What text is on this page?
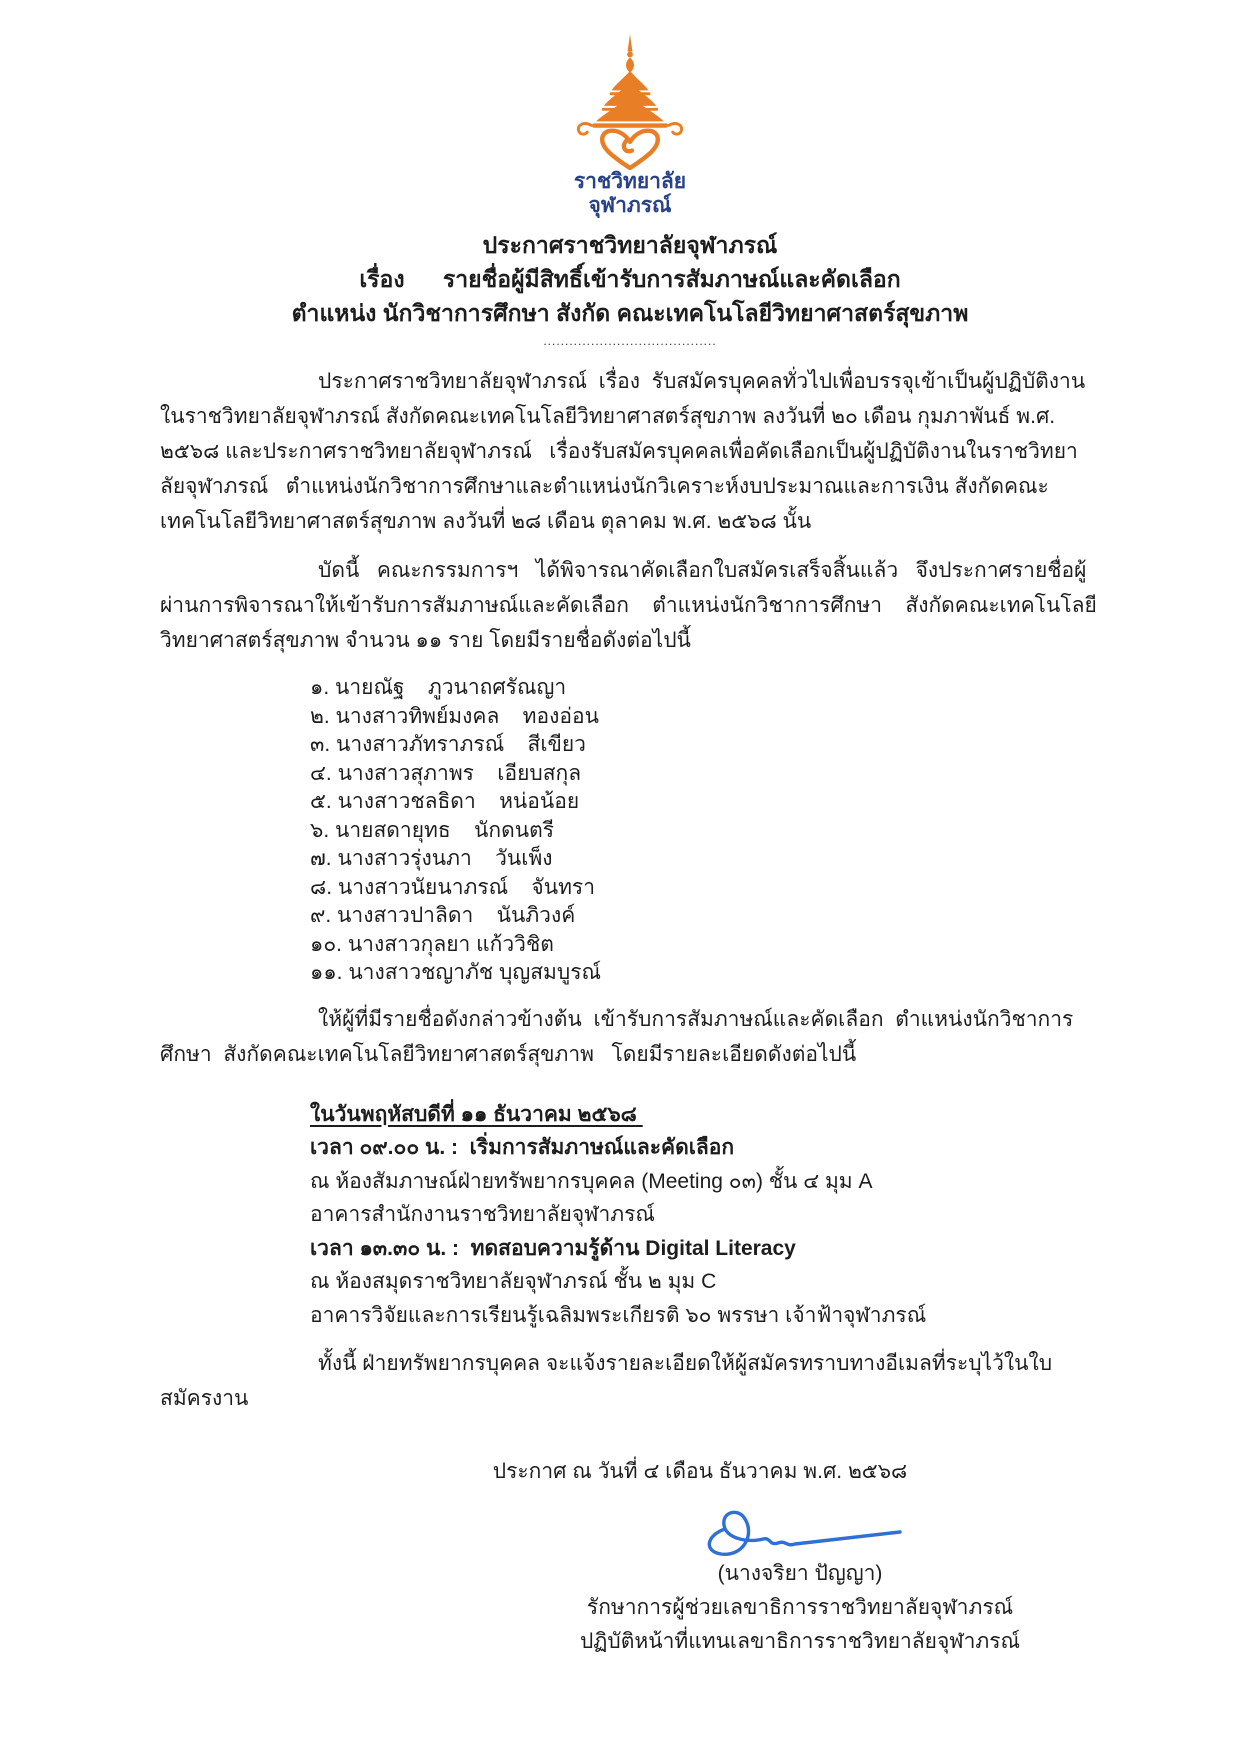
ราชวิทยาลัย
จุฬาภรณ์
ประกาศราชวิทยาลัยจุฬาภรณ์
เรื่อง      รายชื่อผู้มีสิทธิ์เข้ารับการสัมภาษณ์และคัดเลือก
ตำแหน่ง นักวิชาการศึกษา สังกัด คณะเทคโนโลยีวิทยาศาสตร์สุขภาพ
........................................

ประกาศราชวิทยาลัยจุฬาภรณ์  เรื่อง  รับสมัครบุคคลทั่วไปเพื่อบรรจุเข้าเป็นผู้ปฏิบัติงานในราชวิทยาลัยจุฬาภรณ์ สังกัดคณะเทคโนโลยีวิทยาศาสตร์สุขภาพ ลงวันที่ ๒๐ เดือน กุมภาพันธ์ พ.ศ. ๒๕๖๘ และประกาศราชวิทยาลัยจุฬาภรณ์   เรื่องรับสมัครบุคคลเพื่อคัดเลือกเป็นผู้ปฏิบัติงานในราชวิทยาลัยจุฬาภรณ์   ตำแหน่งนักวิชาการศึกษาและตำแหน่งนักวิเคราะห์งบประมาณและการเงิน สังกัดคณะเทคโนโลยีวิทยาศาสตร์สุขภาพ ลงวันที่ ๒๘ เดือน ตุลาคม พ.ศ. ๒๕๖๘ นั้น

บัดนี้   คณะกรรมการฯ   ได้พิจารณาคัดเลือกใบสมัครเสร็จสิ้นแล้ว   จึงประกาศรายชื่อผู้ผ่านการพิจารณาให้เข้ารับการสัมภาษณ์และคัดเลือก    ตำแหน่งนักวิชาการศึกษา    สังกัดคณะเทคโนโลยีวิทยาศาสตร์สุขภาพ จำนวน ๑๑ ราย โดยมีรายชื่อดังต่อไปนี้

๑. นายณัฐ    ภูวนาถศรัณญา
๒. นางสาวทิพย์มงคล    ทองอ่อน
๓. นางสาวภัทราภรณ์    สีเขียว
๔. นางสาวสุภาพร    เอียบสกุล
๕. นางสาวชลธิดา    หน่อน้อย
๖. นายสดายุทธ    นักดนตรี
๗. นางสาวรุ่งนภา    วันเพ็ง
๘. นางสาวนัยนาภรณ์    จันทรา
๙. นางสาวปาลิดา    นันภิวงค์
๑๐. นางสาวกุลยา แก้ววิชิต
๑๑. นางสาวชญาภัช บุญสมบูรณ์

ให้ผู้ที่มีรายชื่อดังกล่าวข้างต้น  เข้ารับการสัมภาษณ์และคัดเลือก  ตำแหน่งนักวิชาการศึกษา  สังกัดคณะเทคโนโลยีวิทยาศาสตร์สุขภาพ   โดยมีรายละเอียดดังต่อไปนี้

ในวันพฤหัสบดีที่ ๑๑ ธันวาคม ๒๕๖๘
เวลา ๐๙.๐๐ น. :  เริ่มการสัมภาษณ์และคัดเลือก
ณ ห้องสัมภาษณ์ฝ่ายทรัพยากรบุคคล (Meeting ๐๓) ชั้น ๔ มุม A
อาคารสำนักงานราชวิทยาลัยจุฬาภรณ์
เวลา ๑๓.๓๐ น. :  ทดสอบความรู้ด้าน Digital Literacy
ณ ห้องสมุดราชวิทยาลัยจุฬาภรณ์ ชั้น ๒ มุม C
อาคารวิจัยและการเรียนรู้เฉลิมพระเกียรติ ๖๐ พรรษา เจ้าฟ้าจุฬาภรณ์

ทั้งนี้ ฝ่ายทรัพยากรบุคคล จะแจ้งรายละเอียดให้ผู้สมัครทราบทางอีเมลที่ระบุไว้ในใบสมัครงาน

ประกาศ ณ วันที่ ๔ เดือน ธันวาคม พ.ศ. ๒๕๖๘
(นางจริยา ปัญญา)
รักษาการผู้ช่วยเลขาธิการราชวิทยาลัยจุฬาภรณ์
ปฏิบัติหน้าที่แทนเลขาธิการราชวิทยาลัยจุฬาภรณ์
